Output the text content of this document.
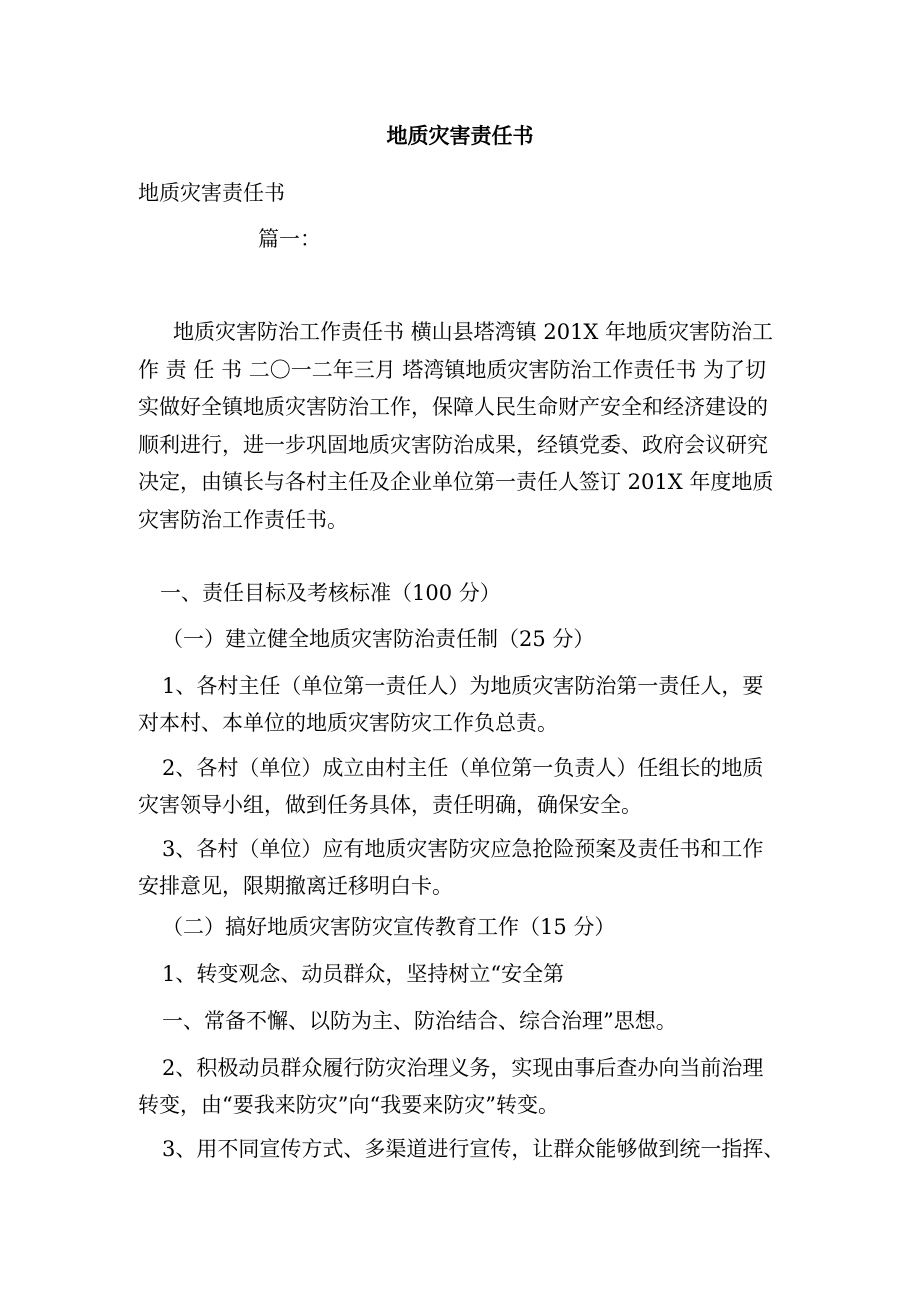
地质灾害责任书

地质灾害责任书

篇一：

地质灾害防治工作责任书 横山县塔湾镇 201X 年地质灾害防治工
作 责 任 书 二〇一二年三月 塔湾镇地质灾害防治工作责任书 为了切
实做好全镇地质灾害防治工作，保障人民生命财产安全和经济建设的
顺利进行，进一步巩固地质灾害防治成果，经镇党委、政府会议研究
决定，由镇长与各村主任及企业单位第一责任人签订 201X 年度地质
灾害防治工作责任书。

一、责任目标及考核标准（100 分）

（一）建立健全地质灾害防治责任制（25 分）

1、各村主任（单位第一责任人）为地质灾害防治第一责任人，要
对本村、本单位的地质灾害防灾工作负总责。
2、各村（单位）成立由村主任（单位第一负责人）任组长的地质
灾害领导小组，做到任务具体，责任明确，确保安全。
3、各村（单位）应有地质灾害防灾应急抢险预案及责任书和工作
安排意见，限期撤离迁移明白卡。

（二）搞好地质灾害防灾宣传教育工作（15 分）

1、转变观念、动员群众，坚持树立“安全第

一、常备不懈、以防为主、防治结合、综合治理”思想。

2、积极动员群众履行防灾治理义务，实现由事后查办向当前治理
转变，由“要我来防灾”向“我要来防灾”转变。

3、用不同宣传方式、多渠道进行宣传，让群众能够做到统一指挥、
